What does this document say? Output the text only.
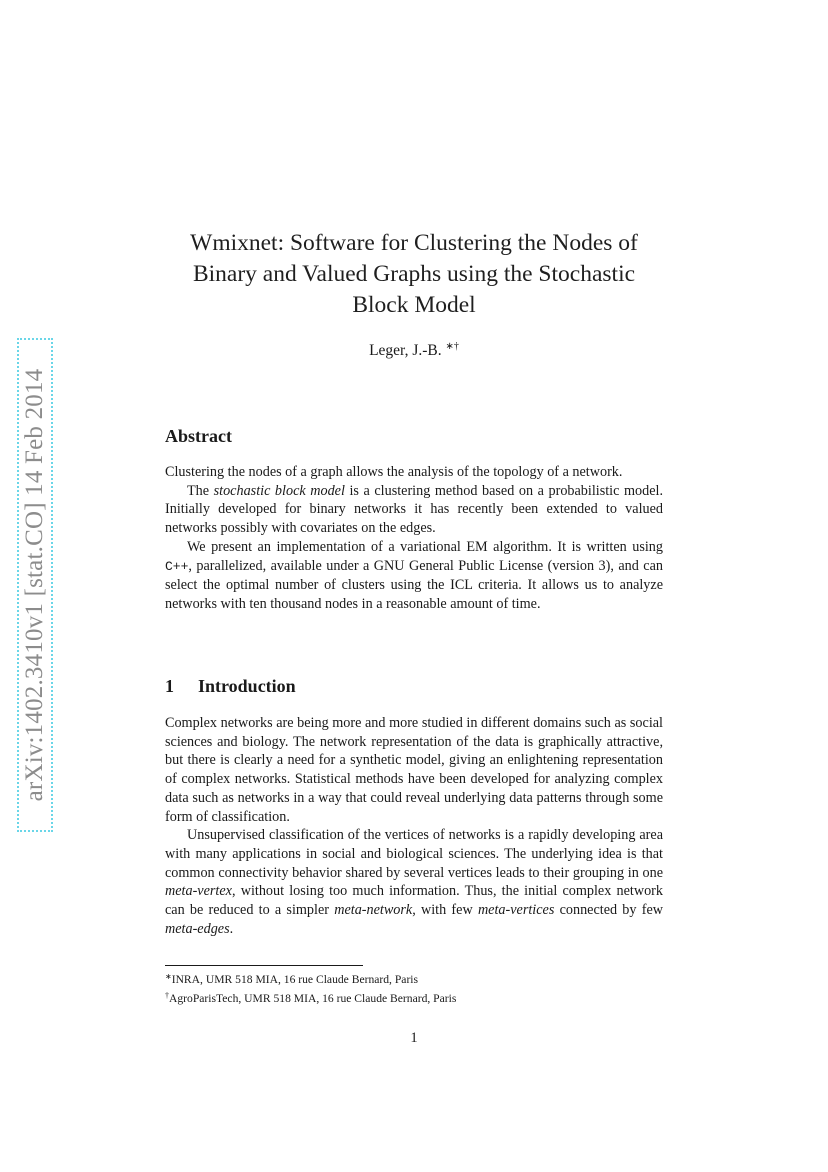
arXiv:1402.3410v1 [stat.CO] 14 Feb 2014
Wmixnet: Software for Clustering the Nodes of Binary and Valued Graphs using the Stochastic Block Model
Leger, J.-B. ∗†
Abstract

Clustering the nodes of a graph allows the analysis of the topology of a network.

The stochastic block model is a clustering method based on a probabilistic model. Initially developed for binary networks it has recently been extended to valued networks possibly with covariates on the edges.

We present an implementation of a variational EM algorithm. It is written using C++, parallelized, available under a GNU General Public License (version 3), and can select the optimal number of clusters using the ICL criteria. It allows us to analyze networks with ten thousand nodes in a reasonable amount of time.

1 Introduction

Complex networks are being more and more studied in different domains such as social sciences and biology. The network representation of the data is graphically attractive, but there is clearly a need for a synthetic model, giving an enlightening representation of complex networks. Statistical methods have been developed for analyzing complex data such as networks in a way that could reveal underlying data patterns through some form of classification.

Unsupervised classification of the vertices of networks is a rapidly developing area with many applications in social and biological sciences. The underlying idea is that common connectivity behavior shared by several vertices leads to their grouping in one meta-vertex, without losing too much information. Thus, the initial complex network can be reduced to a simpler meta-network, with few meta-vertices connected by few meta-edges.

∗INRA, UMR 518 MIA, 16 rue Claude Bernard, Paris
†AgroParisTech, UMR 518 MIA, 16 rue Claude Bernard, Paris
1
